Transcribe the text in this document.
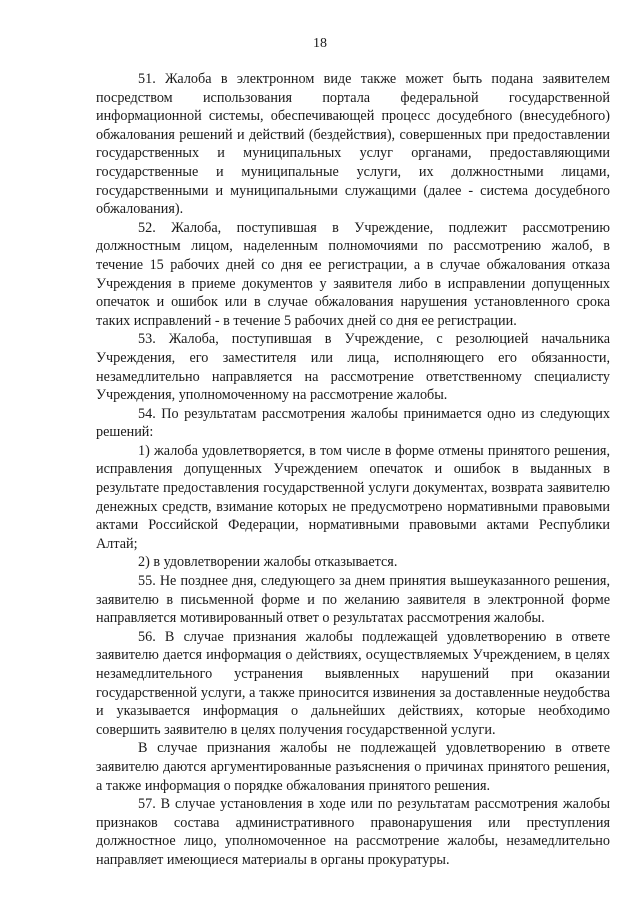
18

51. Жалоба в электронном виде также может быть подана заявителем посредством использования портала федеральной государственной информационной системы, обеспечивающей процесс досудебного (внесудебного) обжалования решений и действий (бездействия), совершенных при предоставлении государственных и муниципальных услуг органами, предоставляющими государственные и муниципальные услуги, их должностными лицами, государственными и муниципальными служащими (далее - система досудебного обжалования).

52. Жалоба, поступившая в Учреждение, подлежит рассмотрению должностным лицом, наделенным полномочиями по рассмотрению жалоб, в течение 15 рабочих дней со дня ее регистрации, а в случае обжалования отказа Учреждения в приеме документов у заявителя либо в исправлении допущенных опечаток и ошибок или в случае обжалования нарушения установленного срока таких исправлений - в течение 5 рабочих дней со дня ее регистрации.

53. Жалоба, поступившая в Учреждение, с резолюцией начальника Учреждения, его заместителя или лица, исполняющего его обязанности, незамедлительно направляется на рассмотрение ответственному специалисту Учреждения, уполномоченному на рассмотрение жалобы.

54. По результатам рассмотрения жалобы принимается одно из следующих решений:

1) жалоба удовлетворяется, в том числе в форме отмены принятого решения, исправления допущенных Учреждением опечаток и ошибок в выданных в результате предоставления государственной услуги документах, возврата заявителю денежных средств, взимание которых не предусмотрено нормативными правовыми актами Российской Федерации, нормативными правовыми актами Республики Алтай;

2) в удовлетворении жалобы отказывается.

55. Не позднее дня, следующего за днем принятия вышеуказанного решения, заявителю в письменной форме и по желанию заявителя в электронной форме направляется мотивированный ответ о результатах рассмотрения жалобы.

56. В случае признания жалобы подлежащей удовлетворению в ответе заявителю дается информация о действиях, осуществляемых Учреждением, в целях незамедлительного устранения выявленных нарушений при оказании государственной услуги, а также приносится извинения за доставленные неудобства и указывается информация о дальнейших действиях, которые необходимо совершить заявителю в целях получения государственной услуги.

В случае признания жалобы не подлежащей удовлетворению в ответе заявителю даются аргументированные разъяснения о причинах принятого решения, а также информация о порядке обжалования принятого решения.

57. В случае установления в ходе или по результатам рассмотрения жалобы признаков состава административного правонарушения или преступления должностное лицо, уполномоченное на рассмотрение жалобы, незамедлительно направляет имеющиеся материалы в органы прокуратуры.
